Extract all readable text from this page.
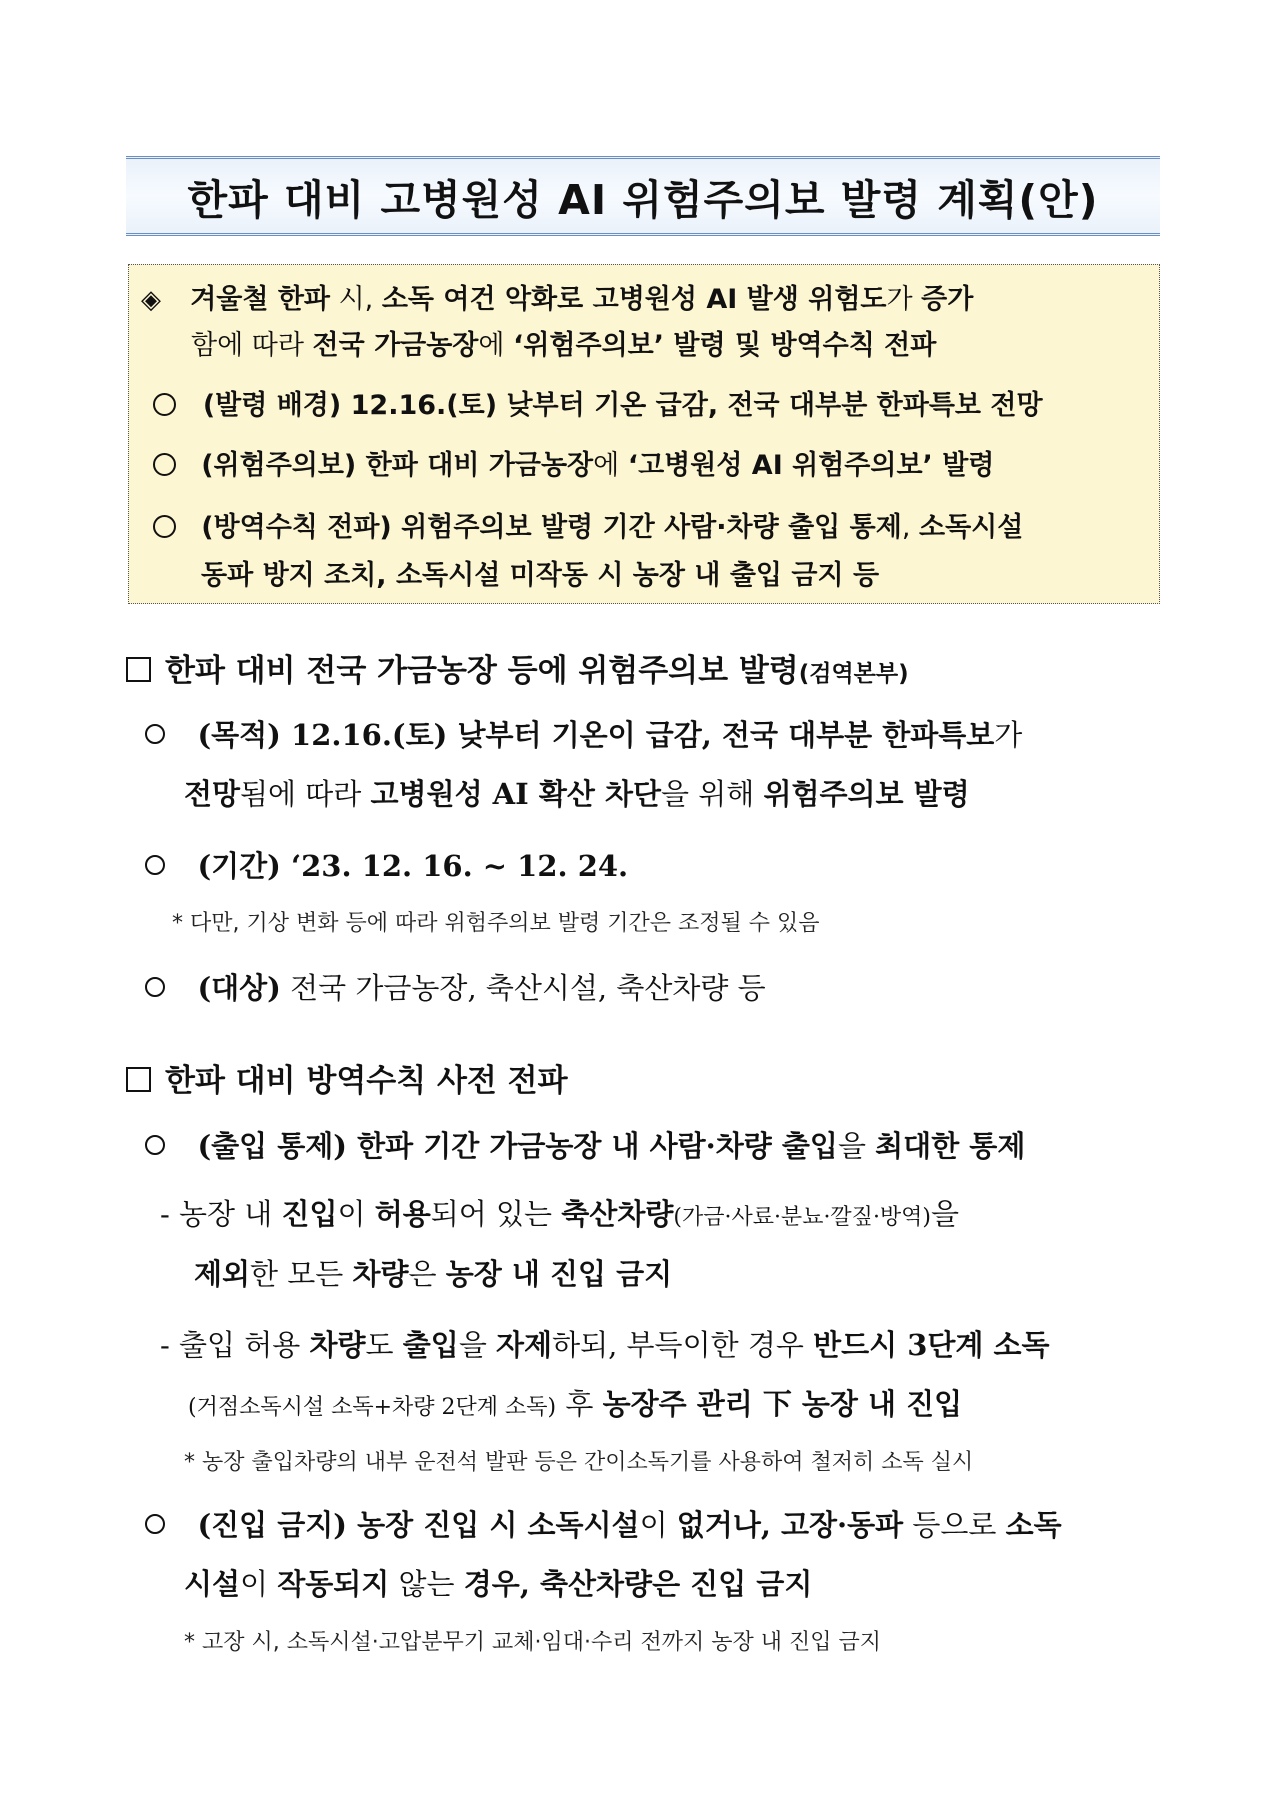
한파 대비 고병원성 AI 위험주의보 발령 계획(안)
◈ 겨울철 한파 시, 소독 여건 악화로 고병원성 AI 발생 위험도가 증가
함에 따라 전국 가금농장에 ‘위험주의보’ 발령 및 방역수칙 전파
(발령 배경) 12.16.(토) 낮부터 기온 급감, 전국 대부분 한파특보 전망
(위험주의보) 한파 대비 가금농장에 ‘고병원성 AI 위험주의보’ 발령
(방역수칙 전파) 위험주의보 발령 기간 사람·차량 출입 통제, 소독시설
동파 방지 조치, 소독시설 미작동 시 농장 내 출입 금지 등
한파 대비 전국 가금농장 등에 위험주의보 발령(검역본부)
(목적) 12.16.(토) 낮부터 기온이 급감, 전국 대부분 한파특보가
전망됨에 따라 고병원성 AI 확산 차단을 위해 위험주의보 발령
(기간) ‘23. 12. 16. ~ 12. 24.
* 다만, 기상 변화 등에 따라 위험주의보 발령 기간은 조정될 수 있음
(대상) 전국 가금농장, 축산시설, 축산차량 등
한파 대비 방역수칙 사전 전파
(출입 통제) 한파 기간 가금농장 내 사람·차량 출입을 최대한 통제
- 농장 내 진입이 허용되어 있는 축산차량(가금·사료·분뇨·깔짚·방역)을
제외한 모든 차량은 농장 내 진입 금지
- 출입 허용 차량도 출입을 자제하되, 부득이한 경우 반드시 3단계 소독
(거점소독시설 소독+차량 2단계 소독) 후 농장주 관리 下 농장 내 진입
* 농장 출입차량의 내부 운전석 발판 등은 간이소독기를 사용하여 철저히 소독 실시
(진입 금지) 농장 진입 시 소독시설이 없거나, 고장·동파 등으로 소독
시설이 작동되지 않는 경우, 축산차량은 진입 금지
* 고장 시, 소독시설·고압분무기 교체·임대·수리 전까지 농장 내 진입 금지
